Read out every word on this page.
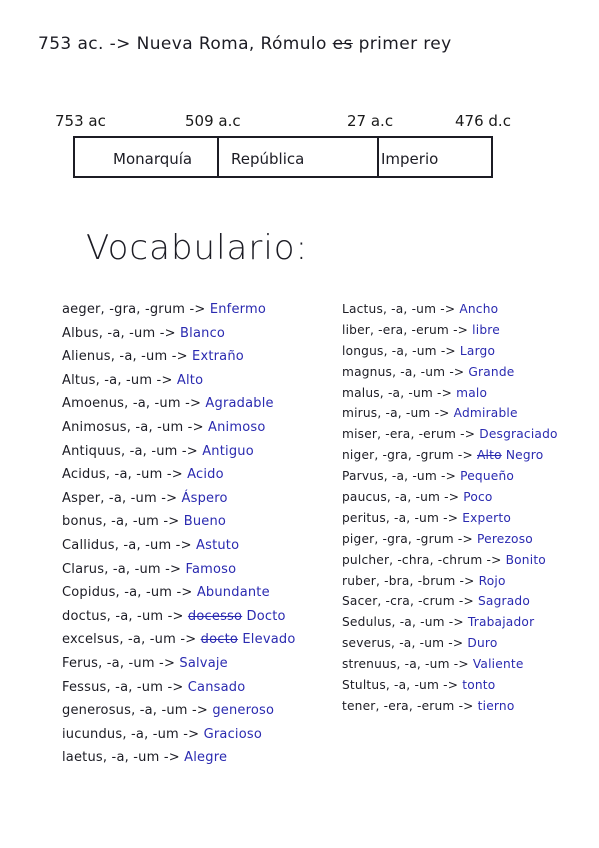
753 ac. -> Nueva Roma, Rómulo es primer rey
753 ac	509 a.c	27 a.c	476 d.c
Monarquía	República	Imperio
Vocabulario:
aeger, -gra, -grum -> Enfermo
Albus, -a, -um -> Blanco
Alienus, -a, -um -> Extraño
Altus, -a, -um -> Alto
Amoenus, -a, -um -> Agradable
Animosus, -a, -um -> Animoso
Antiquus, -a, -um -> Antiguo
Acidus, -a, -um -> Acido
Asper, -a, -um -> Áspero
bonus, -a, -um -> Bueno
Callidus, -a, -um -> Astuto
Clarus, -a, -um -> Famoso
Copidus, -a, -um -> Abundante
doctus, -a, -um -> docesso Docto
excelsus, -a, -um -> docto Elevado
Ferus, -a, -um -> Salvaje
Fessus, -a, -um -> Cansado
generosus, -a, -um -> generoso
iucundus, -a, -um -> Gracioso
laetus, -a, -um -> Alegre
Lactus, -a, -um -> Ancho
liber, -era, -erum -> libre
longus, -a, -um -> Largo
magnus, -a, -um -> Grande
malus, -a, -um -> malo
mirus, -a, -um -> Admirable
miser, -era, -erum -> Desgraciado
niger, -gra, -grum -> Alto Negro
Parvus, -a, -um -> Pequeño
paucus, -a, -um -> Poco
peritus, -a, -um -> Experto
piger, -gra, -grum -> Perezoso
pulcher, -chra, -chrum -> Bonito
ruber, -bra, -brum -> Rojo
Sacer, -cra, -crum -> Sagrado
Sedulus, -a, -um -> Trabajador
severus, -a, -um -> Duro
strenuus, -a, -um -> Valiente
Stultus, -a, -um -> tonto
tener, -era, -erum -> tierno
